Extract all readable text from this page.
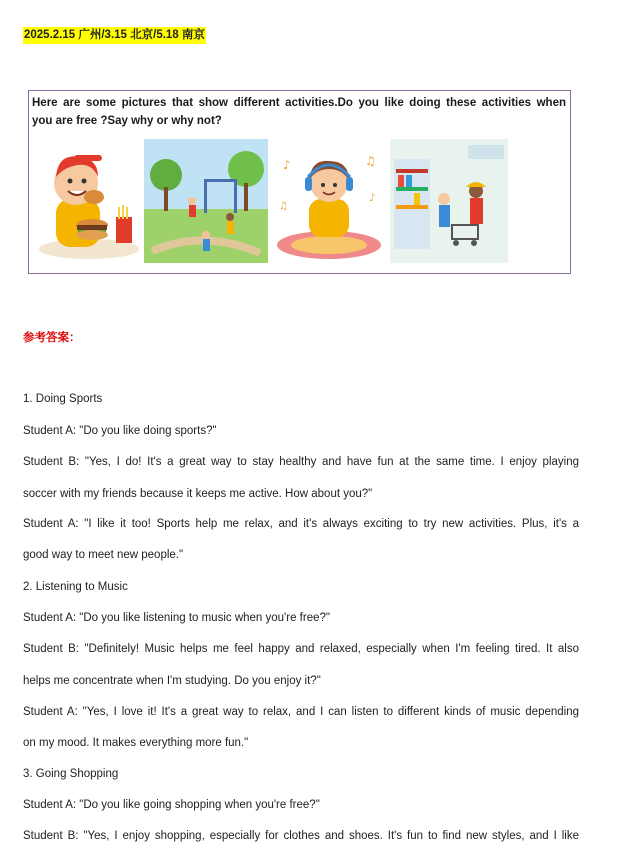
2025.2.15 广州/3.15 北京/5.18 南京
Here are some pictures that show different activities.Do you like doing these activities when
you are free ?Say why or why not?
♪	♫
♪
♫
参考答案：
1. Doing Sports
Student A: "Do you like doing sports?"
Student B: "Yes, I do! It's a great way to stay healthy and have fun at the same time. I enjoy playing
soccer with my friends because it keeps me active. How about you?"
Student A: "I like it too! Sports help me relax, and it's always exciting to try new activities. Plus, it's a
good way to meet new people."
2. Listening to Music
Student A: "Do you like listening to music when you're free?"
Student B: "Definitely! Music helps me feel happy and relaxed, especially when I'm feeling tired. It also
helps me concentrate when I'm studying. Do you enjoy it?"
Student A: "Yes, I love it! It's a great way to relax, and I can listen to different kinds of music depending
on my mood. It makes everything more fun."
3. Going Shopping
Student A: "Do you like going shopping when you're free?"
Student B: "Yes, I enjoy shopping, especially for clothes and shoes. It's fun to find new styles, and I like
